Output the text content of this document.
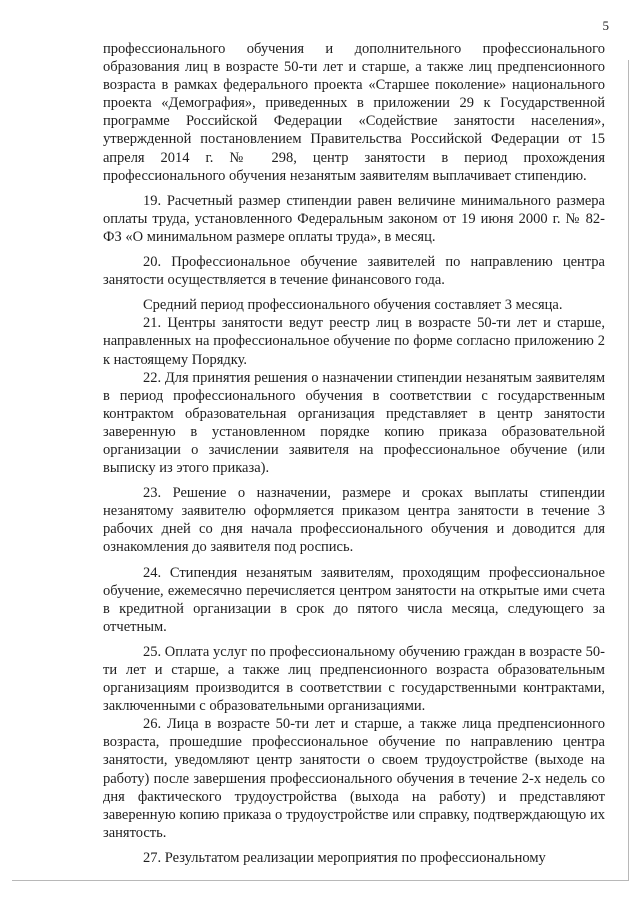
5

профессионального обучения и дополнительного профессионального образования лиц в возрасте 50-ти лет и старше, а также лиц предпенсионного возраста в рамках федерального проекта «Старшее поколение» национального проекта «Демография», приведенных в приложении 29 к Государственной программе Российской Федерации «Содействие занятости населения», утвержденной постановлением Правительства Российской Федерации от 15 апреля 2014 г. № 298, центр занятости в период прохождения профессионального обучения незанятым заявителям выплачивает стипендию.

19. Расчетный размер стипендии равен величине минимального размера оплаты труда, установленного Федеральным законом от 19 июня 2000 г. № 82-ФЗ «О минимальном размере оплаты труда», в месяц.

20. Профессиональное обучение заявителей по направлению центра занятости осуществляется в течение финансового года.

Средний период профессионального обучения составляет 3 месяца.

21. Центры занятости ведут реестр лиц в возрасте 50-ти лет и старше, направленных на профессиональное обучение по форме согласно приложению 2 к настоящему Порядку.

22. Для принятия решения о назначении стипендии незанятым заявителям в период профессионального обучения в соответствии с государственным контрактом образовательная организация представляет в центр занятости заверенную в установленном порядке копию приказа образовательной организации о зачислении заявителя на профессиональное обучение (или выписку из этого приказа).

23. Решение о назначении, размере и сроках выплаты стипендии незанятому заявителю оформляется приказом центра занятости в течение 3 рабочих дней со дня начала профессионального обучения и доводится для ознакомления до заявителя под роспись.

24. Стипендия незанятым заявителям, проходящим профессиональное обучение, ежемесячно перечисляется центром занятости на открытые ими счета в кредитной организации в срок до пятого числа месяца, следующего за отчетным.

25. Оплата услуг по профессиональному обучению граждан в возрасте 50-ти лет и старше, а также лиц предпенсионного возраста образовательным организациям производится в соответствии с государственными контрактами, заключенными с образовательными организациями.

26. Лица в возрасте 50-ти лет и старше, а также лица предпенсионного возраста, прошедшие профессиональное обучение по направлению центра занятости, уведомляют центр занятости о своем трудоустройстве (выходе на работу) после завершения профессионального обучения в течение 2-х недель со дня фактического трудоустройства (выхода на работу) и представляют заверенную копию приказа о трудоустройстве или справку, подтверждающую их занятость.

27. Результатом реализации мероприятия по профессиональному
